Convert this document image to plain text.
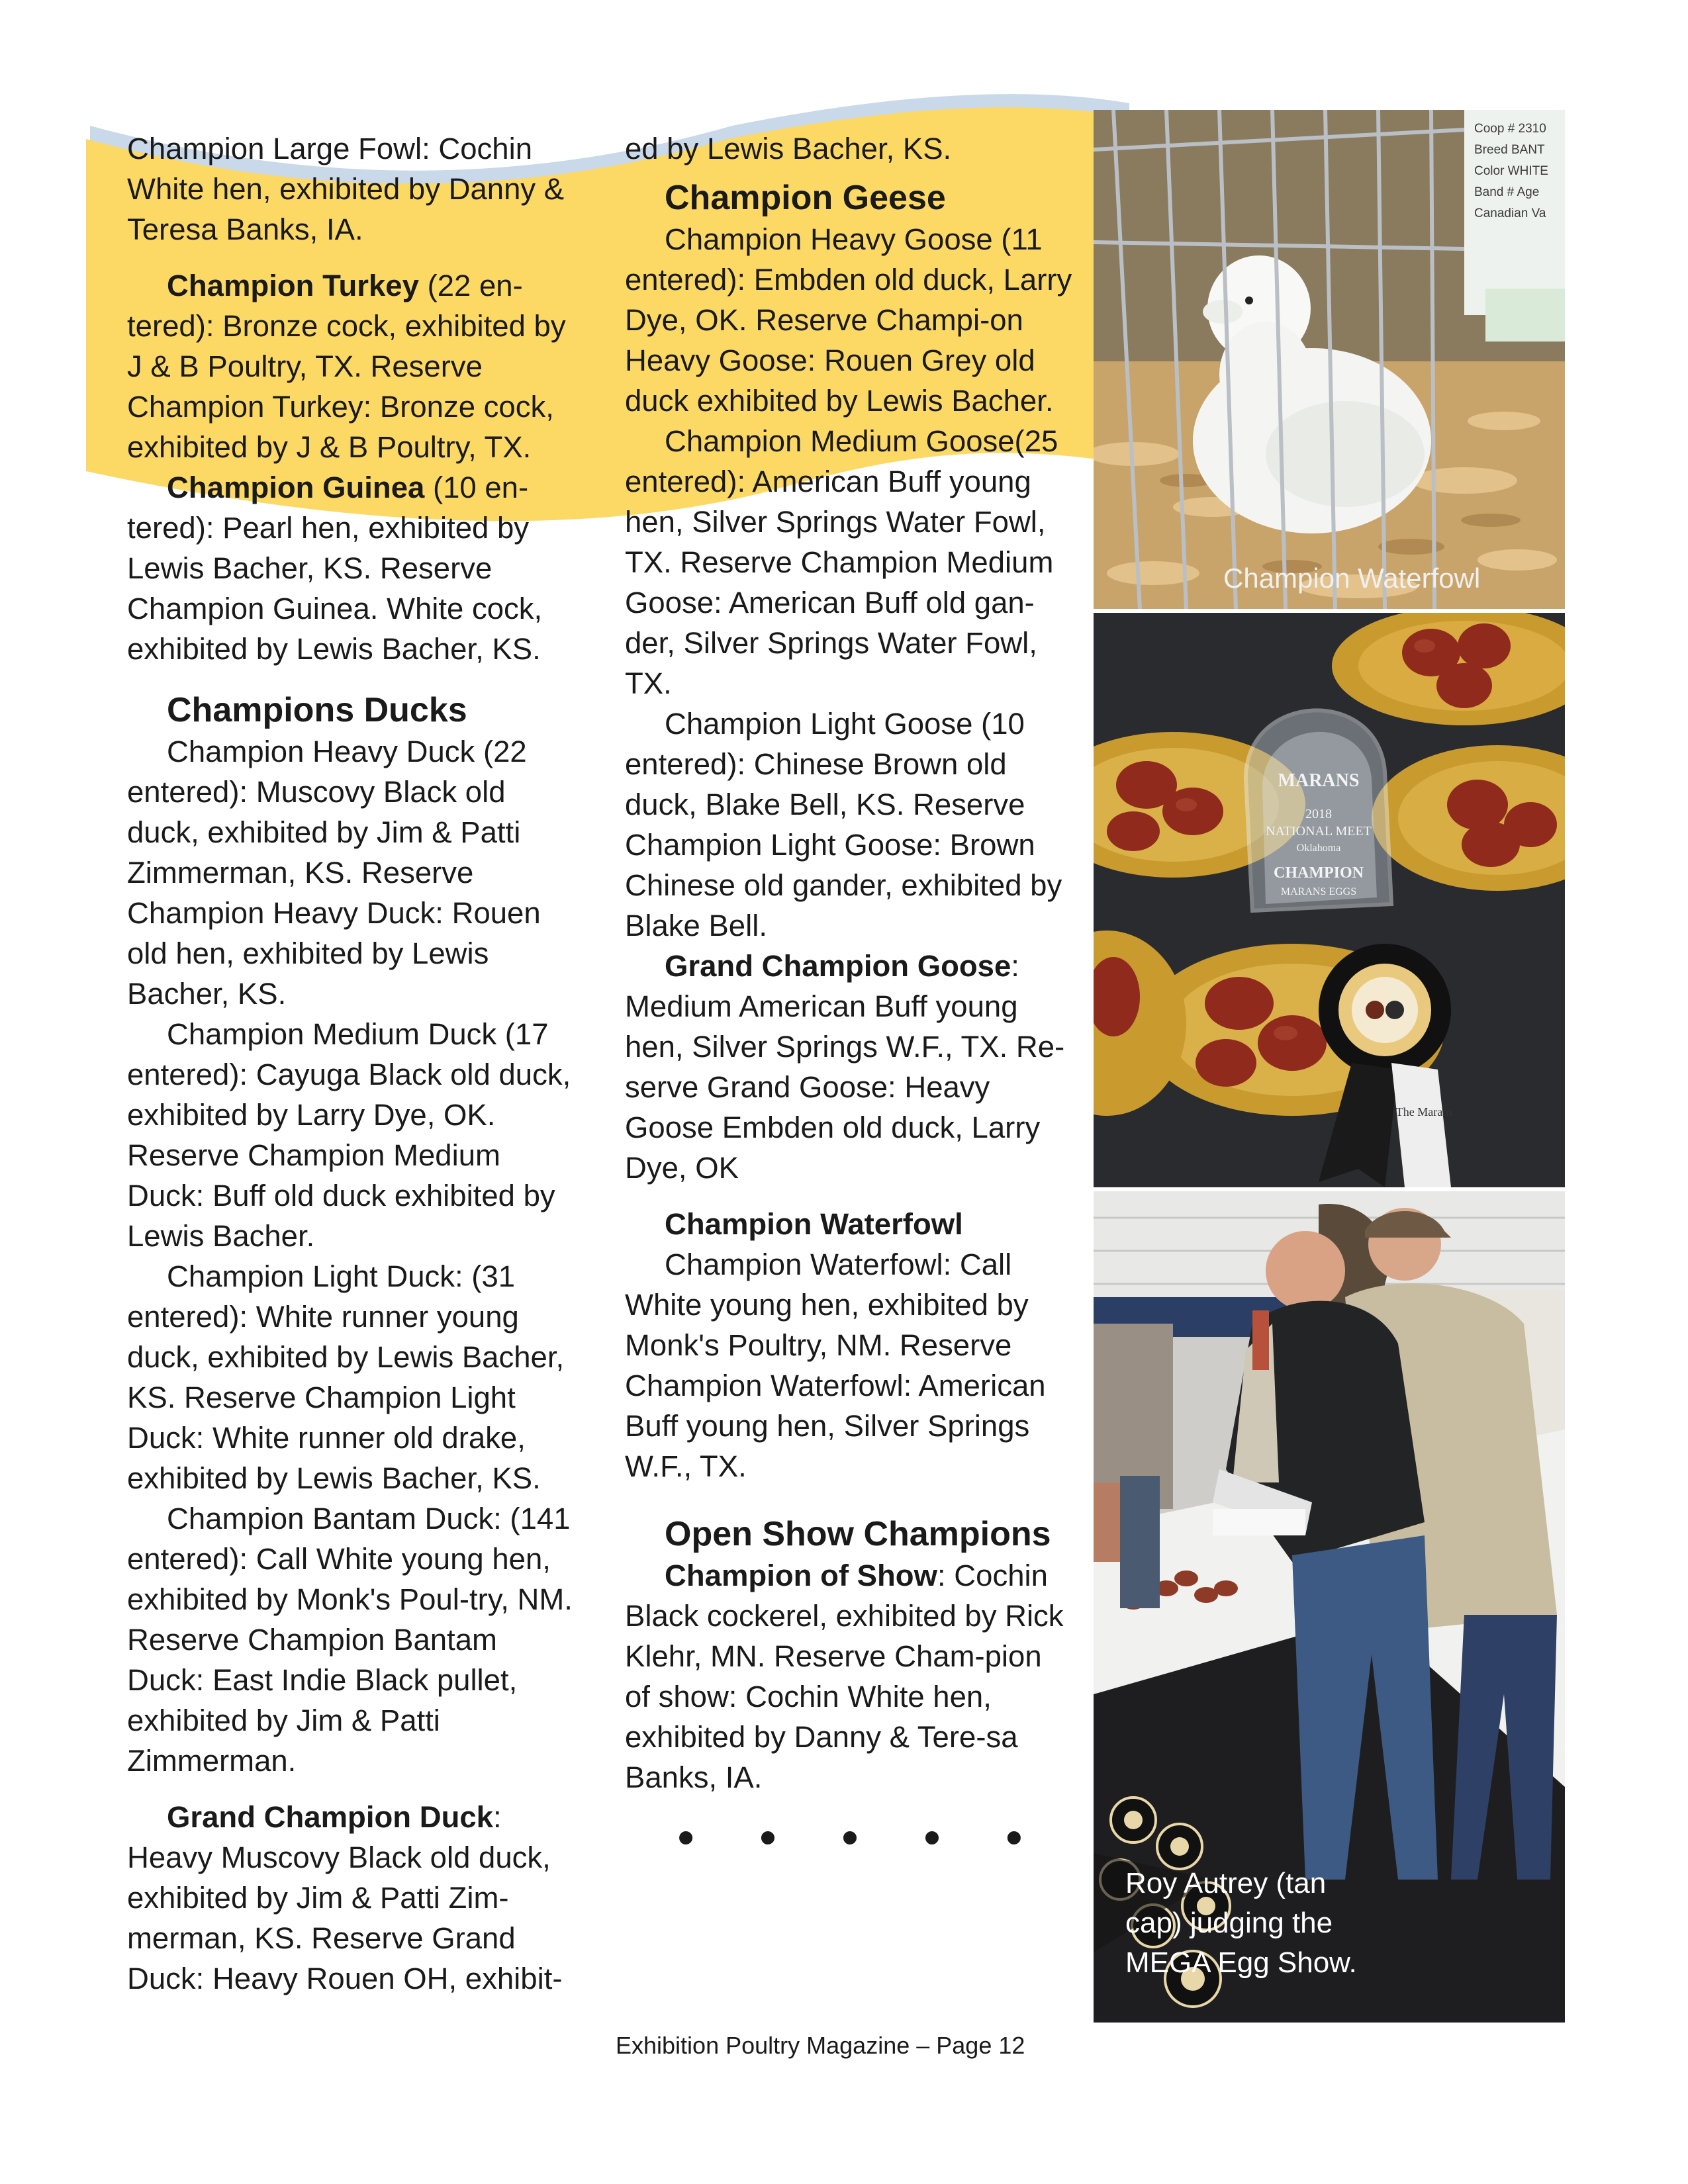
Champion Large Fowl: Cochin White hen, exhibited by Danny & Teresa Banks, IA.

Champion Turkey (22 en-tered): Bronze cock, exhibited by J & B Poultry, TX. Reserve Champion Turkey: Bronze cock, exhibited by J & B Poultry, TX.

Champion Guinea (10 en-tered): Pearl hen, exhibited by Lewis Bacher, KS. Reserve Champion Guinea. White cock, exhibited by Lewis Bacher, KS.

Champions Ducks

Champion Heavy Duck (22 entered): Muscovy Black old duck, exhibited by Jim & Patti Zimmerman, KS. Reserve Champion Heavy Duck: Rouen old hen, exhibited by Lewis Bacher, KS.

Champion Medium Duck (17 entered): Cayuga Black old duck, exhibited by Larry Dye, OK. Reserve Champion Medium Duck: Buff old duck exhibited by Lewis Bacher.

Champion Light Duck: (31 entered): White runner young duck, exhibited by Lewis Bacher, KS. Reserve Champion Light Duck: White runner old drake, exhibited by Lewis Bacher, KS.

Champion Bantam Duck: (141 entered): Call White young hen, exhibited by Monk's Poul-try, NM. Reserve Champion Bantam Duck: East Indie Black pullet, exhibited by Jim & Patti Zimmerman.

Grand Champion Duck: Heavy Muscovy Black old duck, exhibited by Jim & Patti Zim-merman, KS. Reserve Grand Duck: Heavy Rouen OH, exhibit-

ed by Lewis Bacher, KS.

Champion Geese

Champion Heavy Goose (11 entered): Embden old duck, Larry Dye, OK. Reserve Champi-on Heavy Goose: Rouen Grey old duck exhibited by Lewis Bacher.

Champion Medium Goose(25 entered): American Buff young hen, Silver Springs Water Fowl, TX. Reserve Champion Medium Goose: American Buff old gan-der, Silver Springs Water Fowl, TX.

Champion Light Goose (10 entered): Chinese Brown old duck, Blake Bell, KS. Reserve Champion Light Goose: Brown Chinese old gander, exhibited by Blake Bell.

Grand Champion Goose: Medium American Buff young hen, Silver Springs W.F., TX. Re-serve Grand Goose: Heavy Goose Embden old duck, Larry Dye, OK

Champion Waterfowl

Champion Waterfowl: Call White young hen, exhibited by Monk's Poultry, NM. Reserve Champion Waterfowl: American Buff young hen, Silver Springs W.F., TX.

Open Show Champions

Champion of Show: Cochin Black cockerel, exhibited by Rick Klehr, MN. Reserve Cham-pion of show: Cochin White hen, exhibited by Danny & Tere-sa Banks, IA.

• • • • •

Coop # 2310
Breed BANT
Color WHITE
Band # Age
Canadian Va
Champion Waterfowl
MARANS
2018
NATIONAL MEET
Oklahoma
CHAMPION
MARANS EGGS
The Marans
Roy Autrey (tan cap) judging the MEGA Egg Show.
Exhibition Poultry Magazine – Page 12
